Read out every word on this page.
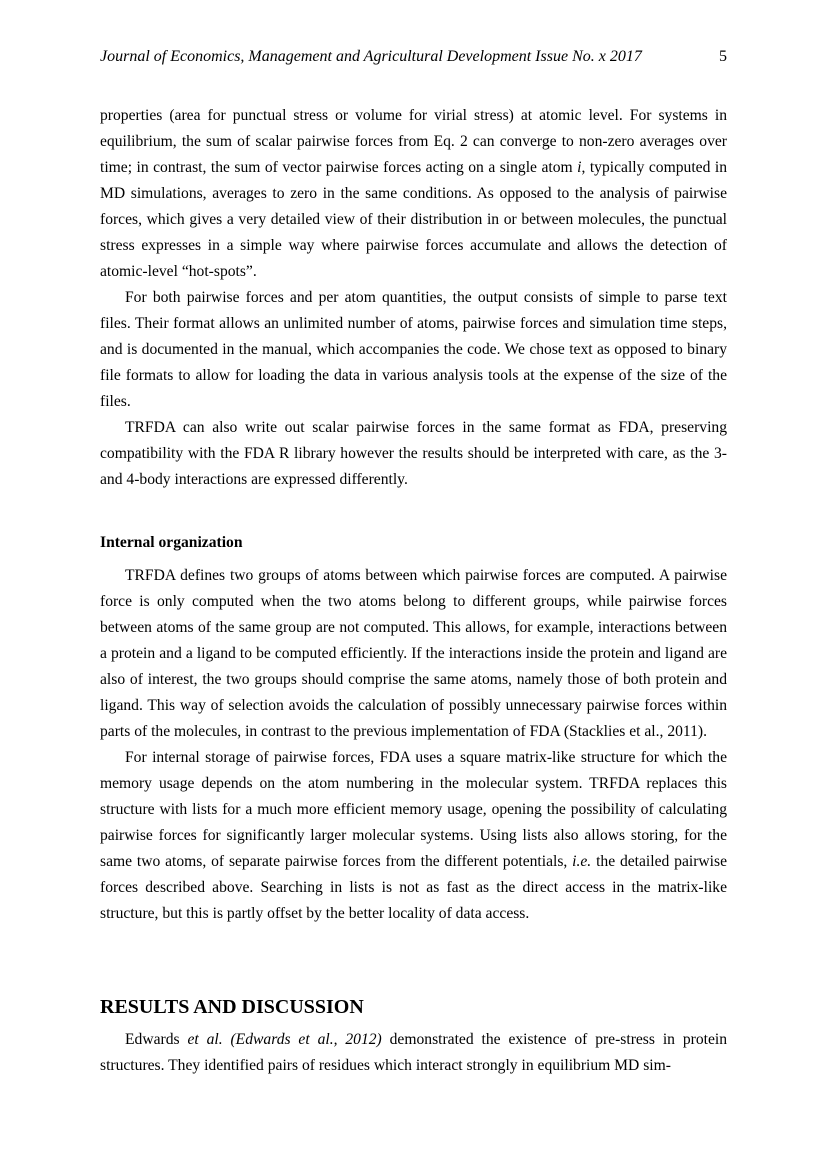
Journal of Economics, Management and Agricultural Development Issue No. x 2017	5

properties (area for punctual stress or volume for virial stress) at atomic level. For systems in equilibrium, the sum of scalar pairwise forces from Eq. 2 can converge to non-zero averages over time; in contrast, the sum of vector pairwise forces acting on a single atom i, typically computed in MD simulations, averages to zero in the same conditions. As opposed to the analysis of pairwise forces, which gives a very detailed view of their distribution in or between molecules, the punctual stress expresses in a simple way where pairwise forces accumulate and allows the detection of atomic-level “hot-spots”.

For both pairwise forces and per atom quantities, the output consists of simple to parse text files. Their format allows an unlimited number of atoms, pairwise forces and simulation time steps, and is documented in the manual, which accompanies the code. We chose text as opposed to binary file formats to allow for loading the data in various analysis tools at the expense of the size of the files.

TRFDA can also write out scalar pairwise forces in the same format as FDA, preserving compatibility with the FDA R library however the results should be interpreted with care, as the 3- and 4-body interactions are expressed differently.

Internal organization

TRFDA defines two groups of atoms between which pairwise forces are computed. A pairwise force is only computed when the two atoms belong to different groups, while pairwise forces between atoms of the same group are not computed. This allows, for example, interactions between a protein and a ligand to be computed efficiently. If the interactions inside the protein and ligand are also of interest, the two groups should comprise the same atoms, namely those of both protein and ligand. This way of selection avoids the calculation of possibly unnecessary pairwise forces within parts of the molecules, in contrast to the previous implementation of FDA (Stacklies et al., 2011).

For internal storage of pairwise forces, FDA uses a square matrix-like structure for which the memory usage depends on the atom numbering in the molecular system. TRFDA replaces this structure with lists for a much more efficient memory usage, opening the possibility of calculating pairwise forces for significantly larger molecular systems. Using lists also allows storing, for the same two atoms, of separate pairwise forces from the different potentials, i.e. the detailed pairwise forces described above. Searching in lists is not as fast as the direct access in the matrix-like structure, but this is partly offset by the better locality of data access.

RESULTS AND DISCUSSION

Edwards et al. (Edwards et al., 2012) demonstrated the existence of pre-stress in protein structures. They identified pairs of residues which interact strongly in equilibrium MD sim-
